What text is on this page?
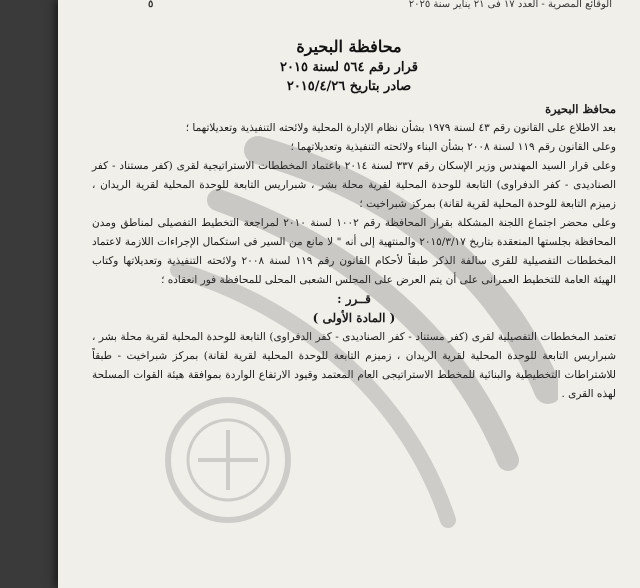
٥	الوقائع المصرية - العدد ١٧ فى ٢١ يناير سنة ٢٠٢٥
محافظة البحيرة
قرار رقم ٥٦٤ لسنة ٢٠١٥
صادر بتاريخ ٢٠١٥/٤/٢٦

محافظ البحيرة

بعد الاطلاع على القانون رقم ٤٣ لسنة ١٩٧٩ بشأن نظام الإدارة المحلية ولائحته التنفيذية وتعديلاتهما ؛

وعلى القانون رقم ١١٩ لسنة ٢٠٠٨ بشأن البناء ولائحته التنفيذية وتعديلاتهما ؛

وعلى قرار السيد المهندس وزير الإسكان رقم ٣٣٧ لسنة ٢٠١٤ باعتماد المخططات الاستراتيجية لقرى (كفر مستناد - كفر الصناديدى - كفر الدفراوى) التابعة للوحدة المحلية لقرية محلة بشر ، شبراريس التابعة للوحدة المحلية لقرية الريدان ، زميزم التابعة للوحدة المحلية لقرية لقانة) بمركز شبراخيت ؛

وعلى محضر اجتماع اللجنة المشكلة بقرار المحافظة رقم ١٠٠٢ لسنة ٢٠١٠ لمراجعة التخطيط التفصيلى لمناطق ومدن المحافظة بجلستها المنعقدة بتاريخ ٢٠١٥/٣/١٧ والمنتهية إلى أنه " لا مانع من السير فى استكمال الإجراءات اللازمة لاعتماد المخططات التفصيلية للقرى سالفة الذكر طبقاً لأحكام القانون رقم ١١٩ لسنة ٢٠٠٨ ولائحته التنفيذية وتعديلاتها وكتاب الهيئة العامة للتخطيط العمرانى على أن يتم العرض على المجلس الشعبى المحلى للمحافظة فور انعقاده ؛

قــرر :

( المادة الأولى )

تعتمد المخططات التفصيلية لقرى (كفر مستناد - كفر الصناديدى - كفر الدفراوى) التابعة للوحدة المحلية لقرية محلة بشر ، شبراريس التابعة للوحدة المحلية لقرية الريدان ، زميزم التابعة للوحدة المحلية لقرية لقانة) بمركز شبراخيت - طبقاً للاشتراطات التخطيطية والبنائية للمخطط الاستراتيجى العام المعتمد وقيود الارتفاع الواردة بموافقة هيئة القوات المسلحة لهذه القرى .
